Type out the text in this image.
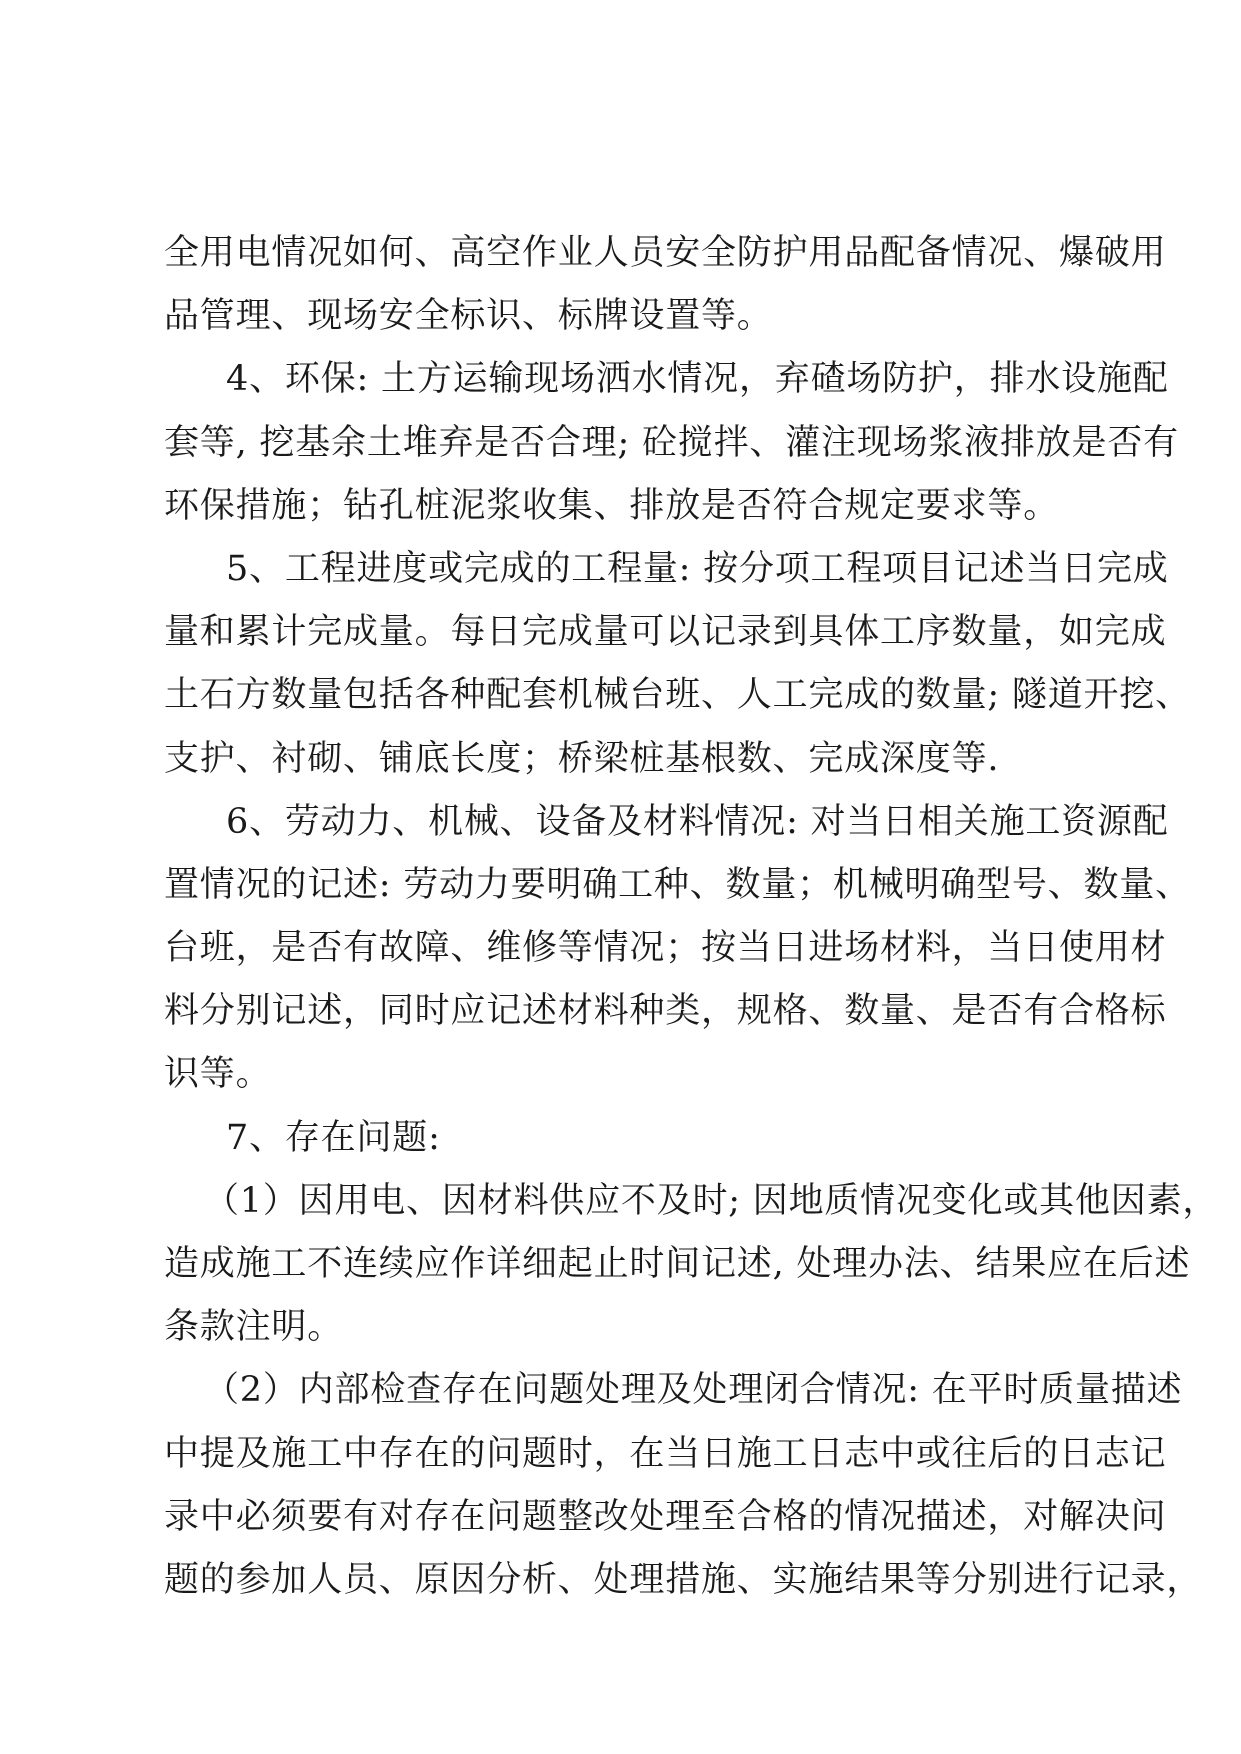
全用电情况如何、高空作业人员安全防护用品配备情况、爆破用
品管理、现场安全标识、标牌设置等。
4、环保: 土方运输现场洒水情况，弃碴场防护，排水设施配
套等, 挖基余土堆弃是否合理; 砼搅拌、灌注现场浆液排放是否有
环保措施；钻孔桩泥浆收集、排放是否符合规定要求等。
5、工程进度或完成的工程量: 按分项工程项目记述当日完成
量和累计完成量。每日完成量可以记录到具体工序数量，如完成
土石方数量包括各种配套机械台班、人工完成的数量; 隧道开挖、
支护、衬砌、铺底长度；桥梁桩基根数、完成深度等.
6、劳动力、机械、设备及材料情况: 对当日相关施工资源配
置情况的记述: 劳动力要明确工种、数量；机械明确型号、数量、
台班，是否有故障、维修等情况；按当日进场材料，当日使用材
料分别记述，同时应记述材料种类，规格、数量、是否有合格标
识等。
7、存在问题:
（1）因用电、因材料供应不及时; 因地质情况变化或其他因素，
造成施工不连续应作详细起止时间记述, 处理办法、结果应在后述
条款注明。
（2）内部检查存在问题处理及处理闭合情况: 在平时质量描述
中提及施工中存在的问题时，在当日施工日志中或往后的日志记
录中必须要有对存在问题整改处理至合格的情况描述，对解决问
题的参加人员、原因分析、处理措施、实施结果等分别进行记录，
